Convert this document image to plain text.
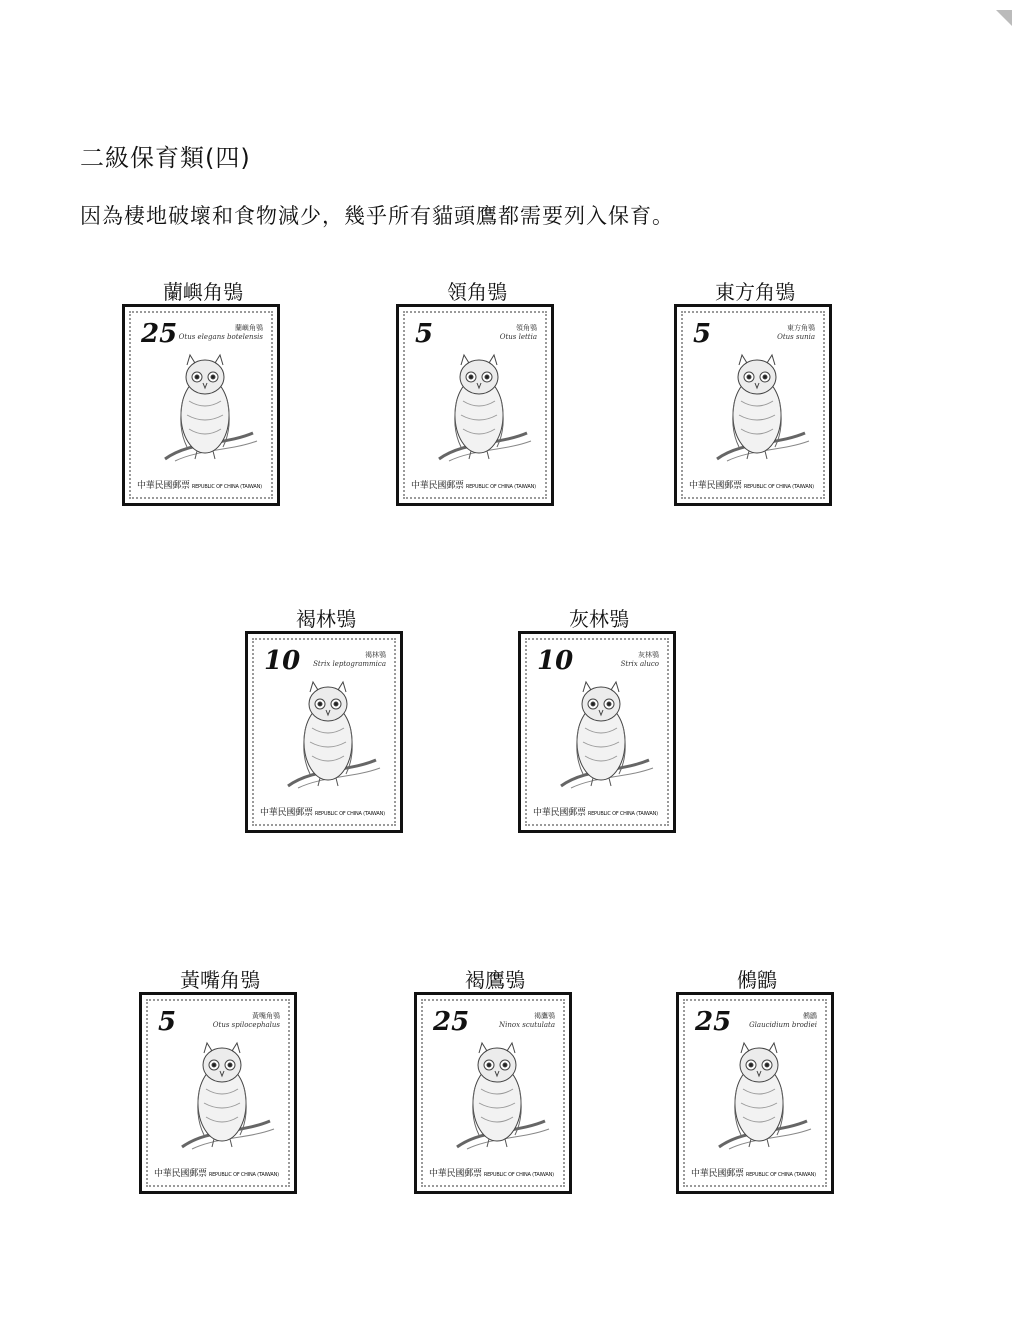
二級保育類(四)
因為棲地破壞和食物減少，幾乎所有貓頭鷹都需要列入保育。
蘭嶼角鴞
25	蘭嶼角鴞
Otus elegans botelensis
中華民國郵票 REPUBLIC OF CHINA (TAIWAN)
領角鴞
5	領角鴞
Otus lettia
中華民國郵票 REPUBLIC OF CHINA (TAIWAN)
東方角鴞
5	東方角鴞
Otus sunia
中華民國郵票 REPUBLIC OF CHINA (TAIWAN)
褐林鴞
10	褐林鴞
Strix leptogrammica
中華民國郵票 REPUBLIC OF CHINA (TAIWAN)
灰林鴞
10	灰林鴞
Strix aluco
中華民國郵票 REPUBLIC OF CHINA (TAIWAN)
黃嘴角鴞
5	黃嘴角鴞
Otus spilocephalus
中華民國郵票 REPUBLIC OF CHINA (TAIWAN)
褐鷹鴞
25	褐鷹鴞
Ninox scutulata
中華民國郵票 REPUBLIC OF CHINA (TAIWAN)
鵂鶹
25	鵂鶹
Glaucidium brodiei
中華民國郵票 REPUBLIC OF CHINA (TAIWAN)
